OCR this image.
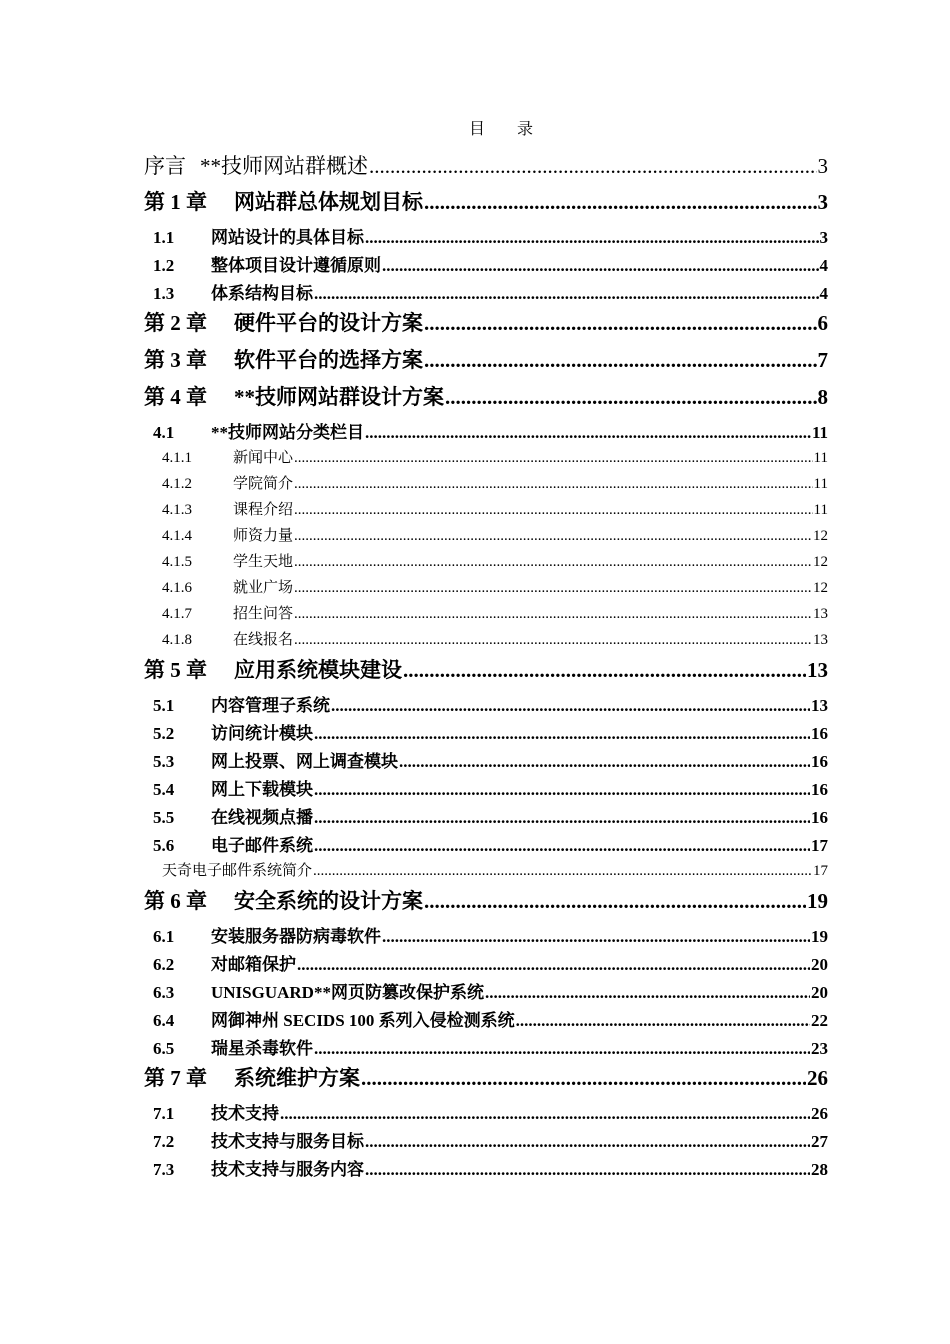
目 录
序言 **技师网站群概述 .....	3
第 1 章	网站群总体规划目标 .....	3
1.1	网站设计的具体目标 .....	3
1.2	整体项目设计遵循原则 .....	4
1.3	体系结构目标 .....	4
第 2 章	硬件平台的设计方案 .....	6
第 3 章	软件平台的选择方案 .....	7
第 4 章	**技师网站群设计方案 .....	8
4.1	**技师网站分类栏目 .....	11
4.1.1	新闻中心 .....	11
4.1.2	学院简介 .....	11
4.1.3	课程介绍 .....	11
4.1.4	师资力量 .....	12
4.1.5	学生天地 .....	12
4.1.6	就业广场 .....	12
4.1.7	招生问答 .....	13
4.1.8	在线报名 .....	13
第 5 章	应用系统模块建设 .....	13
5.1	内容管理子系统 .....	13
5.2	访问统计模块 .....	16
5.3	网上投票、网上调查模块 .....	16
5.4	网上下载模块 .....	16
5.5	在线视频点播 .....	16
5.6	电子邮件系统 .....	17
天奇电子邮件系统简介 .....	17
第 6 章	安全系统的设计方案 .....	19
6.1	安装服务器防病毒软件 .....	19
6.2	对邮箱保护 .....	20
6.3	UNISGUARD**网页防篡改保护系统 .....	20
6.4	网御神州 SECIDS 100 系列入侵检测系统 .....	22
6.5	瑞星杀毒软件 .....	23
第 7 章	系统维护方案 .....	26
7.1	技术支持 .....	26
7.2	技术支持与服务目标 .....	27
7.3	技术支持与服务内容 .....	28
